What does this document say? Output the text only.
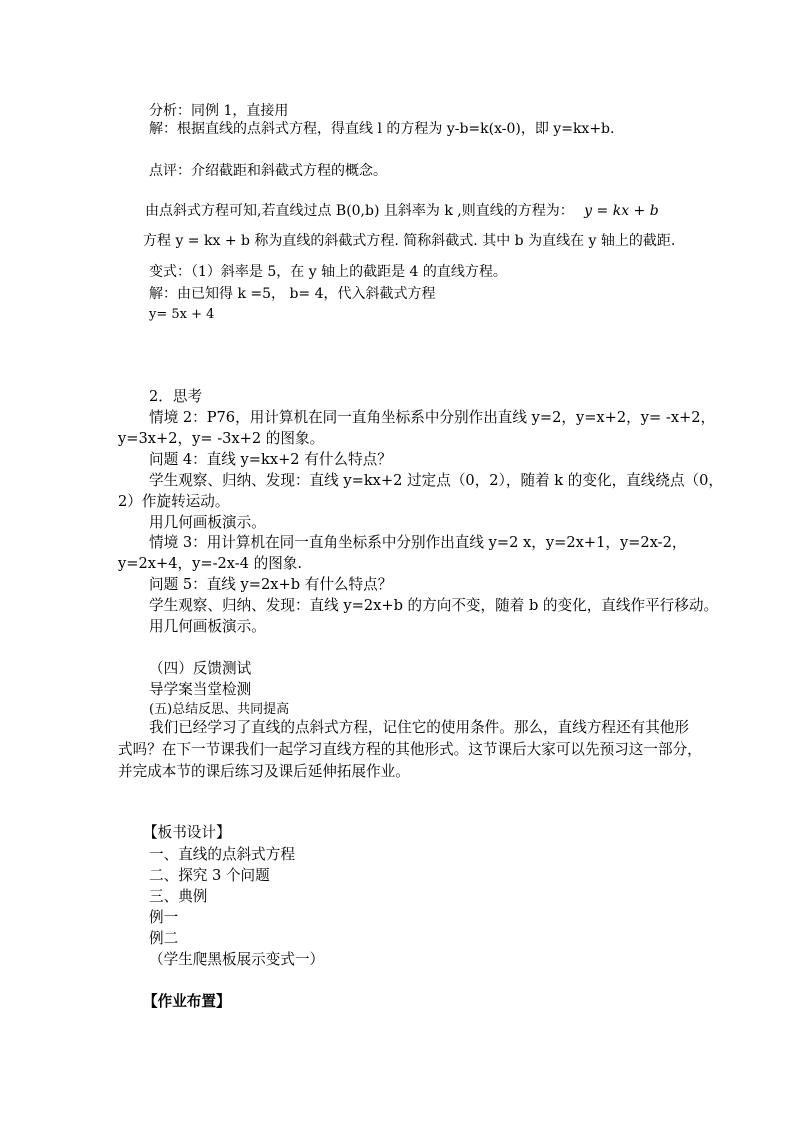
分析：同例 1，直接用
解：根据直线的点斜式方程，得直线 l 的方程为 y-b=k(x-0)，即 y=kx+b.
点评：介绍截距和斜截式方程的概念。
由点斜式方程可知,若直线过点 B(0,b) 且斜率为 k ,则直线的方程为： y = kx + b
方程 y = kx + b 称为直线的斜截式方程. 简称斜截式. 其中 b 为直线在 y 轴上的截距.
变式：（1）斜率是 5，在 y 轴上的截距是 4 的直线方程。
解：由已知得 k =5， b= 4，代入斜截式方程
y= 5x + 4
2．思考
情境 2：P76，用计算机在同一直角坐标系中分别作出直线 y=2，y=x+2，y= -x+2，
y=3x+2，y= -3x+2 的图象。
问题 4：直线 y=kx+2 有什么特点？
学生观察、归纳、发现：直线 y=kx+2 过定点（0，2），随着 k 的变化，直线绕点（0，
2）作旋转运动。
用几何画板演示。
情境 3：用计算机在同一直角坐标系中分别作出直线 y=2 x，y=2x+1，y=2x-2，
y=2x+4，y=-2x-4 的图象.
问题 5：直线 y=2x+b 有什么特点？
学生观察、归纳、发现：直线 y=2x+b 的方向不变，随着 b 的变化，直线作平行移动。
用几何画板演示。
（四）反馈测试
导学案当堂检测
(五)总结反思、共同提高
我们已经学习了直线的点斜式方程，记住它的使用条件。那么，直线方程还有其他形
式吗？在下一节课我们一起学习直线方程的其他形式。这节课后大家可以先预习这一部分，
并完成本节的课后练习及课后延伸拓展作业。
【板书设计】
一、直线的点斜式方程
二、探究 3 个问题
三、典例
例一
例二
（学生爬黑板展示变式一）
【作业布置】
